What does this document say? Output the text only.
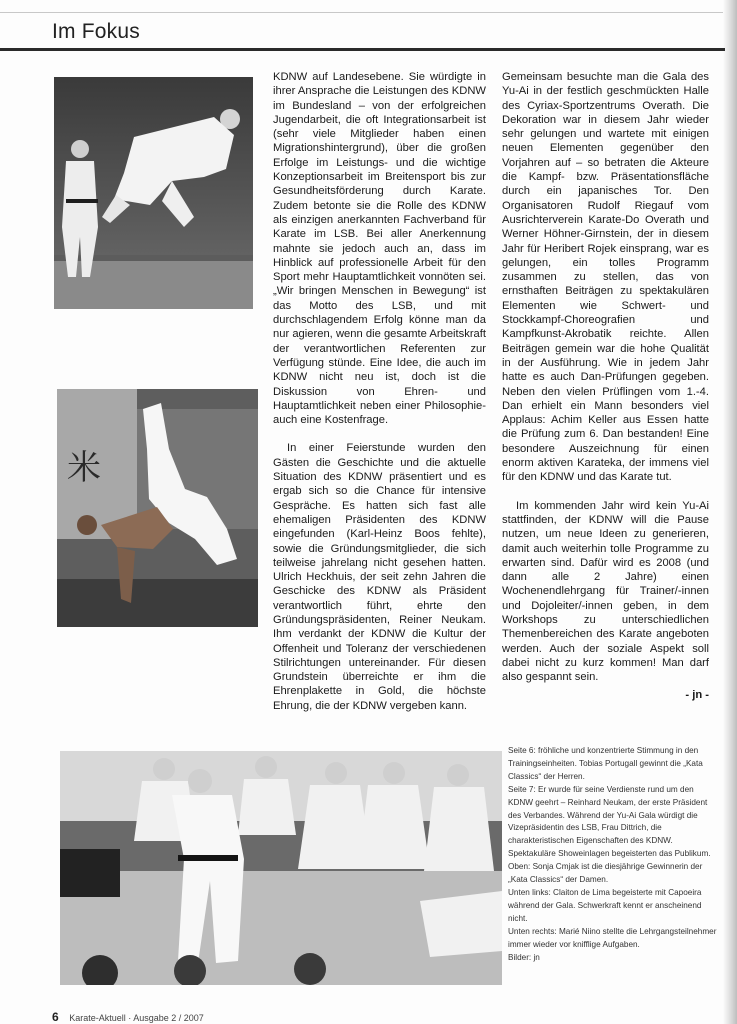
Im Fokus
米

KDNW auf Landesebene. Sie würdigte in ihrer Ansprache die Leistungen des KDNW im Bundesland – von der erfolgreichen Jugendarbeit, die oft Integrationsarbeit ist (sehr viele Mitglieder haben einen Migrationshintergrund), über die großen Erfolge im Leistungs- und die wichtige Konzeptionsarbeit im Breitensport bis zur Gesundheitsförderung durch Karate. Zudem betonte sie die Rolle des KDNW als einzigen anerkannten Fachverband für Karate im LSB. Bei aller Anerkennung mahnte sie jedoch auch an, dass im Hinblick auf professionelle Arbeit für den Sport mehr Hauptamtlichkeit vonnöten sei. „Wir bringen Menschen in Bewegung“ ist das Motto des LSB, und mit durchschlagendem Erfolg könne man da nur agieren, wenn die gesamte Arbeitskraft der verantwortlichen Referenten zur Verfügung stünde. Eine Idee, die auch im KDNW nicht neu ist, doch ist die Diskussion von Ehren- und Hauptamtlichkeit neben einer Philosophie- auch eine Kostenfrage.

In einer Feierstunde wurden den Gästen die Geschichte und die aktuelle Situation des KDNW präsentiert und es ergab sich so die Chance für intensive Gespräche. Es hatten sich fast alle ehemaligen Präsidenten des KDNW eingefunden (Karl-Heinz Boos fehlte), sowie die Gründungsmitglieder, die sich teilweise jahrelang nicht gesehen hatten. Ulrich Heckhuis, der seit zehn Jahren die Geschicke des KDNW als Präsident verantwortlich führt, ehrte den Gründungspräsidenten, Reiner Neukam. Ihm verdankt der KDNW die Kultur der Offenheit und Toleranz der verschiedenen Stilrichtungen untereinander. Für diesen Grundstein überreichte er ihm die Ehrenplakette in Gold, die höchste Ehrung, die der KDNW vergeben kann.

Gemeinsam besuchte man die Gala des Yu-Ai in der festlich geschmückten Halle des Cyriax-Sportzentrums Overath. Die Dekoration war in diesem Jahr wieder sehr gelungen und wartete mit einigen neuen Elementen gegenüber den Vorjahren auf – so betraten die Akteure die Kampf- bzw. Präsentationsfläche durch ein japanisches Tor. Den Organisatoren Rudolf Riegauf vom Ausrichterverein Karate-Do Overath und Werner Höhner-Girnstein, der in diesem Jahr für Heribert Rojek einsprang, war es gelungen, ein tolles Programm zusammen zu stellen, das von ernsthaften Beiträgen zu spektakulären Elementen wie Schwert- und Stockkampf-Choreografien und Kampfkunst-Akrobatik reichte. Allen Beiträgen gemein war die hohe Qualität in der Ausführung. Wie in jedem Jahr hatte es auch Dan-Prüfungen gegeben. Neben den vielen Prüflingen vom 1.-4. Dan erhielt ein Mann besonders viel Applaus: Achim Keller aus Essen hatte die Prüfung zum 6. Dan bestanden! Eine besondere Auszeichnung für einen enorm aktiven Karateka, der immens viel für den KDNW und das Karate tut.

Im kommenden Jahr wird kein Yu-Ai stattfinden, der KDNW will die Pause nutzen, um neue Ideen zu generieren, damit auch weiterhin tolle Programme zu erwarten sind. Dafür wird es 2008 (und dann alle 2 Jahre) einen Wochenendlehrgang für Trainer/-innen und Dojoleiter/-innen geben, in dem Workshops zu unterschiedlichen Themenbereichen des Karate angeboten werden. Auch der soziale Aspekt soll dabei nicht zu kurz kommen! Man darf also gespannt sein.

- jn -

Seite 6: fröhliche und konzentrierte Stimmung in den Trainingseinheiten. Tobias Portugall gewinnt die „Kata Classics“ der Herren.

Seite 7: Er wurde für seine Verdienste rund um den KDNW geehrt – Reinhard Neukam, der erste Präsident des Verbandes. Während der Yu-Ai Gala würdigt die Vizepräsidentin des LSB, Frau Dittrich, die charakteristischen Eigenschaften des KDNW. Spektakuläre Showeinlagen begeisterten das Publikum.

Oben: Sonja Cmjak ist die diesjährige Gewinnerin der „Kata Classics“ der Damen.

Unten links: Claiton de Lima begeisterte mit Capoeira während der Gala. Schwerkraft kennt er anscheinend nicht.

Unten rechts: Marié Niino stellte die Lehrgangsteilnehmer immer wieder vor knifflige Aufgaben.

Bilder: jn

6 Karate-Aktuell · Ausgabe 2 / 2007
